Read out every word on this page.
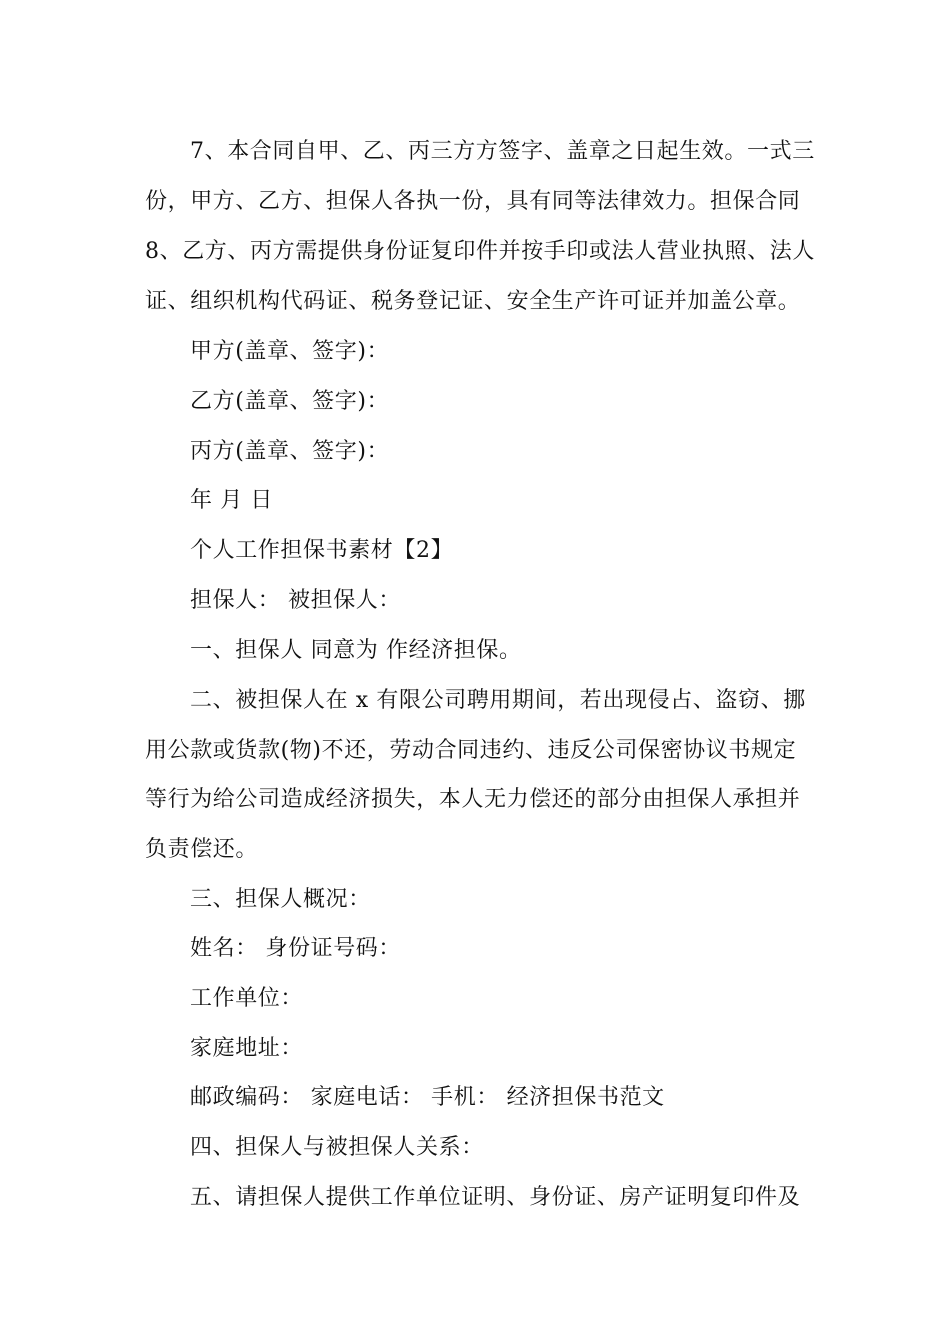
7、本合同自甲、乙、丙三方方签字、盖章之日起生效。一式三
份，甲方、乙方、担保人各执一份，具有同等法律效力。担保合同
8、乙方、丙方需提供身份证复印件并按手印或法人营业执照、法人
证、组织机构代码证、税务登记证、安全生产许可证并加盖公章。
甲方(盖章、签字)：
乙方(盖章、签字)：
丙方(盖章、签字)：
年 月 日
个人工作担保书素材【2】
担保人： 被担保人：
一、担保人 同意为 作经济担保。
二、被担保人在 x 有限公司聘用期间，若出现侵占、盗窃、挪
用公款或货款(物)不还，劳动合同违约、违反公司保密协议书规定
等行为给公司造成经济损失，本人无力偿还的部分由担保人承担并
负责偿还。
三、担保人概况：
姓名： 身份证号码：
工作单位：
家庭地址：
邮政编码： 家庭电话： 手机： 经济担保书范文
四、担保人与被担保人关系：
五、请担保人提供工作单位证明、身份证、房产证明复印件及
